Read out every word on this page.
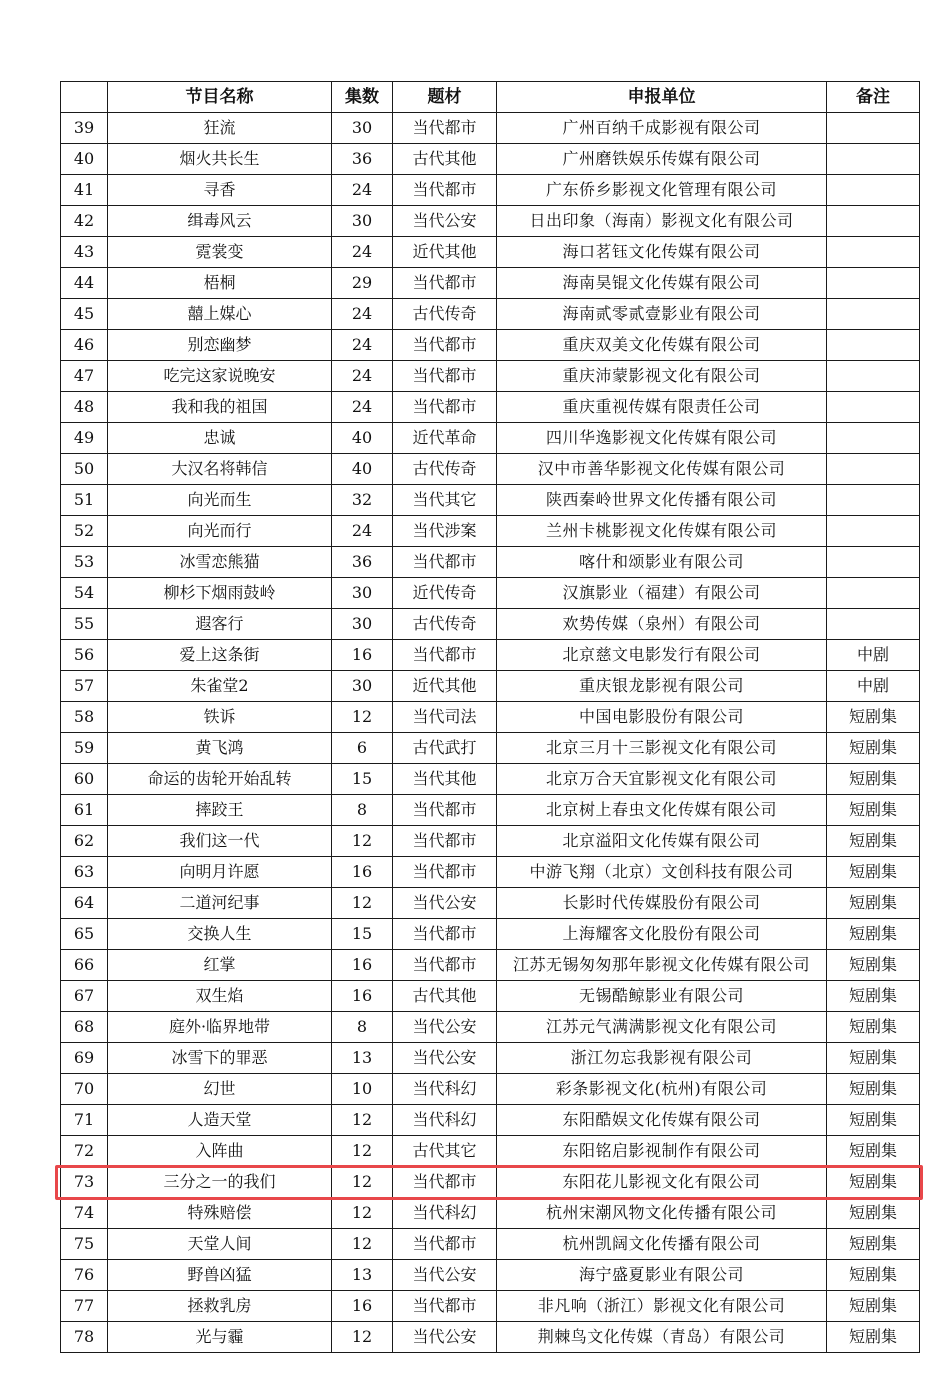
	节目名称	集数	题材	申报单位	备注
39	狂流	30	当代都市	广州百纳千成影视有限公司	
40	烟火共长生	36	古代其他	广州磨铁娱乐传媒有限公司	
41	寻香	24	当代都市	广东侨乡影视文化管理有限公司	
42	缉毒风云	30	当代公安	日出印象（海南）影视文化有限公司	
43	霓裳变	24	近代其他	海口茗钰文化传媒有限公司	
44	梧桐	29	当代都市	海南昊锟文化传媒有限公司	
45	囍上媒心	24	古代传奇	海南贰零贰壹影业有限公司	
46	别恋幽梦	24	当代都市	重庆双美文化传媒有限公司	
47	吃完这家说晚安	24	当代都市	重庆沛蒙影视文化有限公司	
48	我和我的祖国	24	当代都市	重庆重视传媒有限责任公司	
49	忠诚	40	近代革命	四川华逸影视文化传媒有限公司	
50	大汉名将韩信	40	古代传奇	汉中市善华影视文化传媒有限公司	
51	向光而生	32	当代其它	陕西秦岭世界文化传播有限公司	
52	向光而行	24	当代涉案	兰州卡桃影视文化传媒有限公司	
53	冰雪恋熊猫	36	当代都市	喀什和颂影业有限公司	
54	柳杉下烟雨鼓岭	30	近代传奇	汉旗影业（福建）有限公司	
55	遐客行	30	古代传奇	欢势传媒（泉州）有限公司	
56	爱上这条街	16	当代都市	北京慈文电影发行有限公司	中剧
57	朱雀堂2	30	近代其他	重庆银龙影视有限公司	中剧
58	铁诉	12	当代司法	中国电影股份有限公司	短剧集
59	黄飞鸿	6	古代武打	北京三月十三影视文化有限公司	短剧集
60	命运的齿轮开始乱转	15	当代其他	北京万合天宜影视文化有限公司	短剧集
61	摔跤王	8	当代都市	北京树上春虫文化传媒有限公司	短剧集
62	我们这一代	12	当代都市	北京溢阳文化传媒有限公司	短剧集
63	向明月许愿	16	当代都市	中游飞翔（北京）文创科技有限公司	短剧集
64	二道河纪事	12	当代公安	长影时代传媒股份有限公司	短剧集
65	交换人生	15	当代都市	上海耀客文化股份有限公司	短剧集
66	红掌	16	当代都市	江苏无锡匆匆那年影视文化传媒有限公司	短剧集
67	双生焰	16	古代其他	无锡酷鲸影业有限公司	短剧集
68	庭外·临界地带	8	当代公安	江苏元气满满影视文化有限公司	短剧集
69	冰雪下的罪恶	13	当代公安	浙江勿忘我影视有限公司	短剧集
70	幻世	10	当代科幻	彩条影视文化(杭州)有限公司	短剧集
71	人造天堂	12	当代科幻	东阳酷娱文化传媒有限公司	短剧集
72	入阵曲	12	古代其它	东阳铭启影视制作有限公司	短剧集
73	三分之一的我们	12	当代都市	东阳花儿影视文化有限公司	短剧集
74	特殊赔偿	12	当代科幻	杭州宋潮风物文化传播有限公司	短剧集
75	天堂人间	12	当代都市	杭州凯阔文化传播有限公司	短剧集
76	野兽凶猛	13	当代公安	海宁盛夏影业有限公司	短剧集
77	拯救乳房	16	当代都市	非凡响（浙江）影视文化有限公司	短剧集
78	光与霾	12	当代公安	荆棘鸟文化传媒（青岛）有限公司	短剧集
